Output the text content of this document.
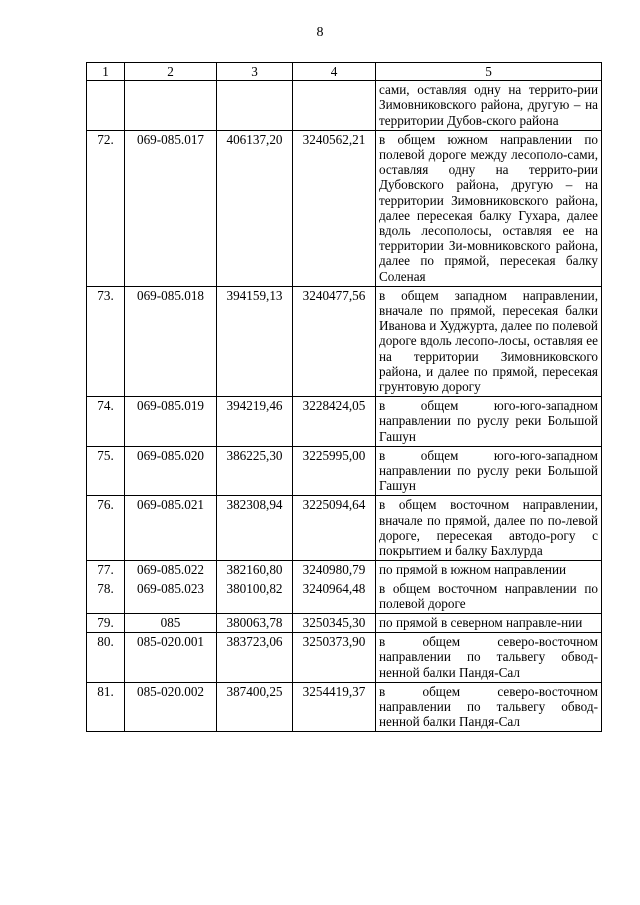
8
1	2	3	4	5
				сами, оставляя одну на террито-рии Зимовниковского района, другую – на территории Дубов-ского района
72.	069-085.017	406137,20	3240562,21	в общем южном направлении по полевой дороге между лесополо-сами, оставляя одну на террито-рии Дубовского района, другую – на территории Зимовниковского района, далее пересекая балку Гухара, далее вдоль лесополосы, оставляя ее на территории Зи-мовниковского района, далее по прямой, пересекая балку Соленая
73.	069-085.018	394159,13	3240477,56	в общем западном направлении, вначале по прямой, пересекая балки Иванова и Худжурта, далее по полевой дороге вдоль лесопо-лосы, оставляя ее на территории Зимовниковского района, и далее по прямой, пересекая грунтовую дорогу
74.	069-085.019	394219,46	3228424,05	в общем юго-юго-западном направлении по руслу реки Большой Гашун
75.	069-085.020	386225,30	3225995,00	в общем юго-юго-западном направлении по руслу реки Большой Гашун
76.	069-085.021	382308,94	3225094,64	в общем восточном направлении, вначале по прямой, далее по по-левой дороге, пересекая автодо-рогу с покрытием и балку Бахлурда
77.	069-085.022	382160,80	3240980,79	по прямой в южном направлении
78.	069-085.023	380100,82	3240964,48	в общем восточном направлении по полевой дороге
79.	085	380063,78	3250345,30	по прямой в северном направле-нии
80.	085-020.001	383723,06	3250373,90	в общем северо-восточном направлении по тальвегу обвод-ненной балки Пандя-Сал
81.	085-020.002	387400,25	3254419,37	в общем северо-восточном направлении по тальвегу обвод-ненной балки Пандя-Сал
